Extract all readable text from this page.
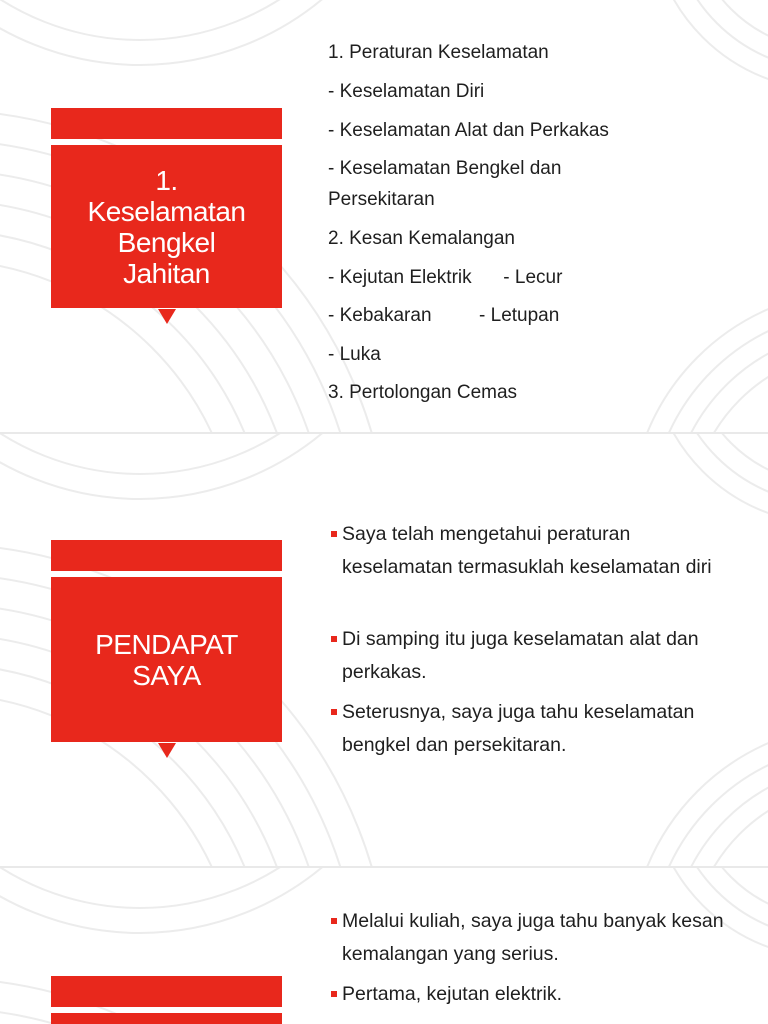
1. Keselamatan Bengkel Jahitan
1. Peraturan Keselamatan
- Keselamatan Diri
- Keselamatan Alat dan Perkakas
- Keselamatan Bengkel dan
Persekitaran
2. Kesan Kemalangan
- Kejutan Elektrik      - Lecur
- Kebakaran         - Letupan
- Luka
3. Pertolongan Cemas
PENDAPAT SAYA
Saya telah mengetahui peraturan keselamatan termasuklah keselamatan diri
Di samping itu juga keselamatan alat dan perkakas.
Seterusnya, saya juga tahu keselamatan bengkel dan persekitaran.
Melalui kuliah, saya juga tahu banyak kesan kemalangan yang serius.
Pertama, kejutan elektrik.
